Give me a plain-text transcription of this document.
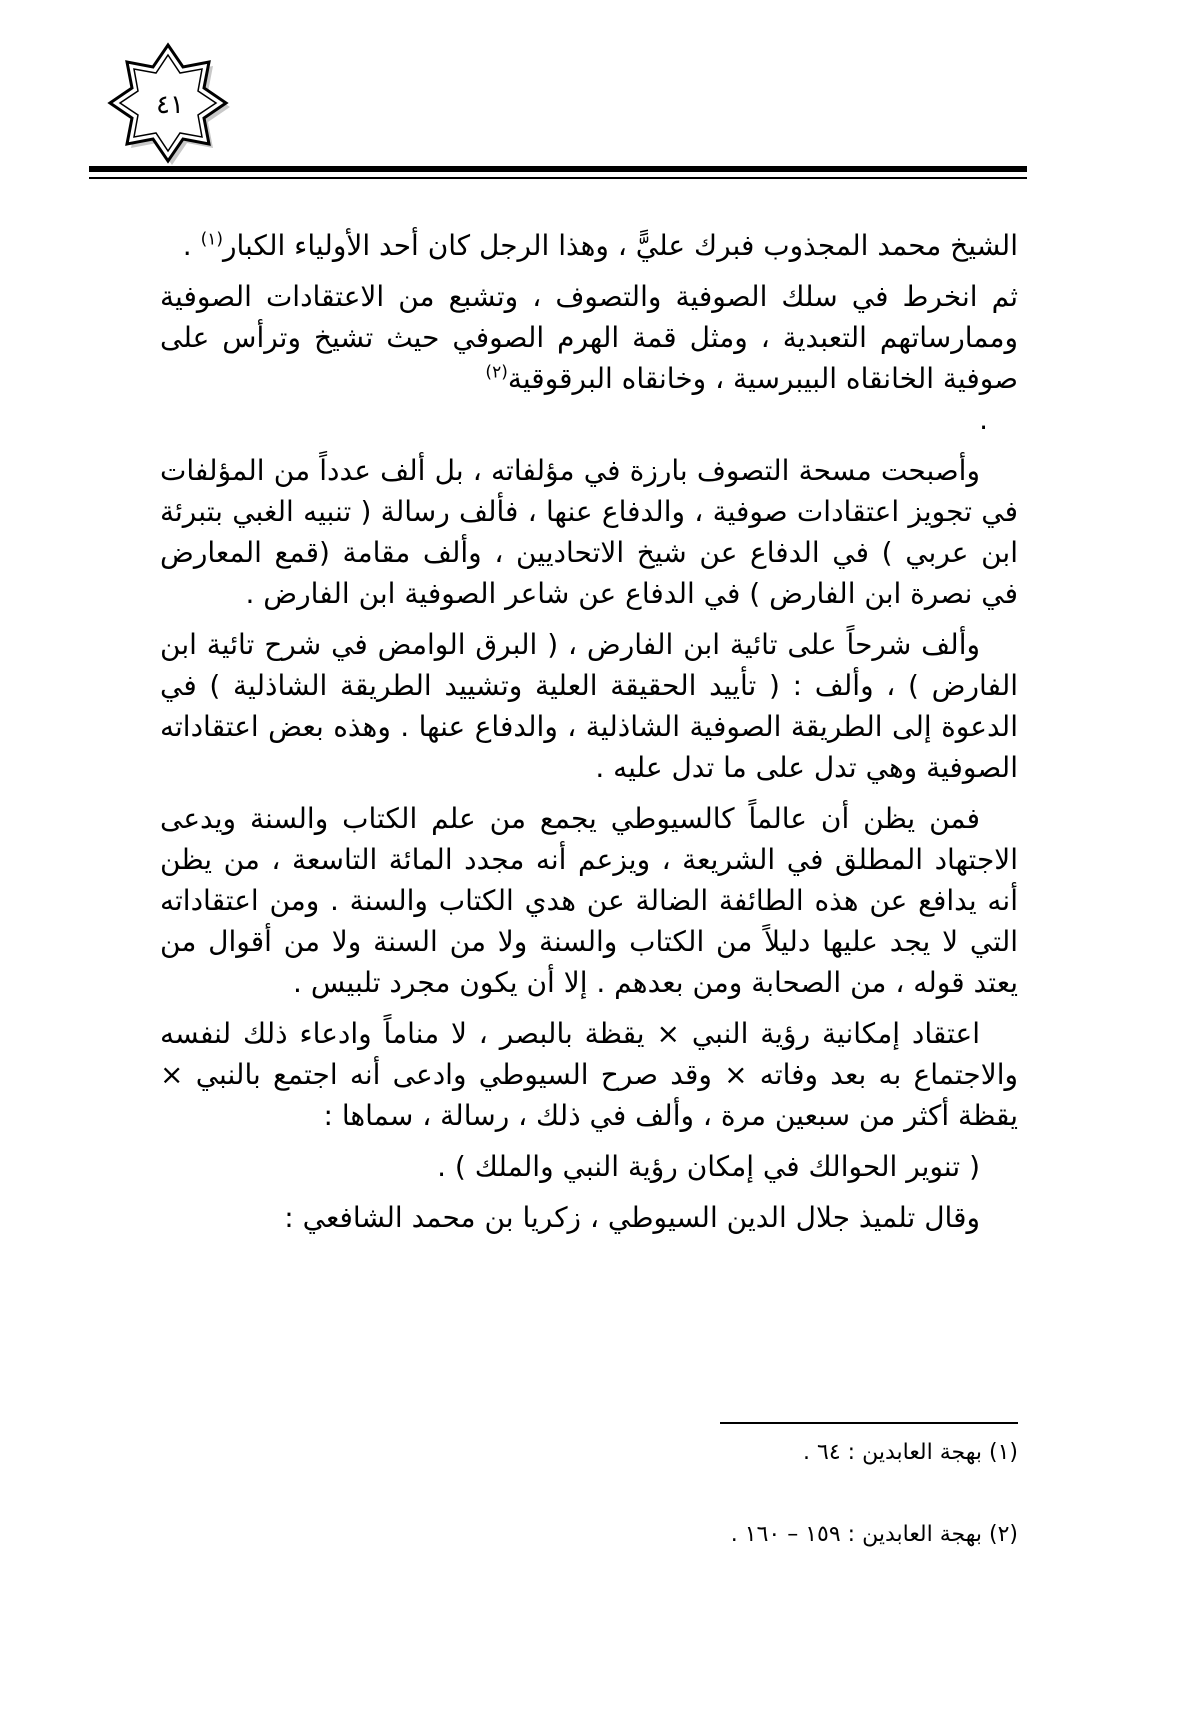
٤١

الشيخ محمد المجذوب فبرك عليًّ ، وهذا الرجل كان أحد الأولياء الكبار$^{(١)}$ .

ثم انخرط في سلك الصوفية والتصوف ، وتشبع من الاعتقادات الصوفية وممارساتهم التعبدية ، ومثل قمة الهرم الصوفي حيث تشيخ وترأس على صوفية الخانقاه البيبرسية ، وخانقاه البرقوقية$^{(٢)}$

.

وأصبحت مسحة التصوف بارزة في مؤلفاته ، بل ألف عدداً من المؤلفات في تجويز اعتقادات صوفية ، والدفاع عنها ، فألف رسالة ( تنبيه الغبي بتبرئة ابن عربي ) في الدفاع عن شيخ الاتحاديين ، وألف مقامة (قمع المعارض في نصرة ابن الفارض ) في الدفاع عن شاعر الصوفية ابن الفارض .

وألف شرحاً على تائية ابن الفارض ، ( البرق الوامض في شرح تائية ابن الفارض ) ، وألف : ( تأييد الحقيقة العلية وتشييد الطريقة الشاذلية ) في الدعوة إلى الطريقة الصوفية الشاذلية ، والدفاع عنها . وهذه بعض اعتقاداته الصوفية وهي تدل على ما تدل عليه .

فمن يظن أن عالماً كالسيوطي يجمع من علم الكتاب والسنة ويدعى الاجتهاد المطلق في الشريعة ، ويزعم أنه مجدد المائة التاسعة ، من يظن أنه يدافع عن هذه الطائفة الضالة عن هدي الكتاب والسنة . ومن اعتقاداته التي لا يجد عليها دليلاً من الكتاب والسنة ولا من السنة ولا من أقوال من يعتد قوله ، من الصحابة ومن بعدهم . إلا أن يكون مجرد تلبيس .

اعتقاد إمكانية رؤية النبي × يقظة بالبصر ، لا مناماً وادعاء ذلك لنفسه والاجتماع به بعد وفاته × وقد صرح السيوطي وادعى أنه اجتمع بالنبي × يقظة أكثر من سبعين مرة ، وألف في ذلك ، رسالة ، سماها :

( تنوير الحوالك في إمكان رؤية النبي والملك ) .

وقال تلميذ جلال الدين السيوطي ، زكريا بن محمد الشافعي :

(١) بهجة العابدين : ٦٤ .

(٢) بهجة العابدين : ١٥٩ – ١٦٠ .
